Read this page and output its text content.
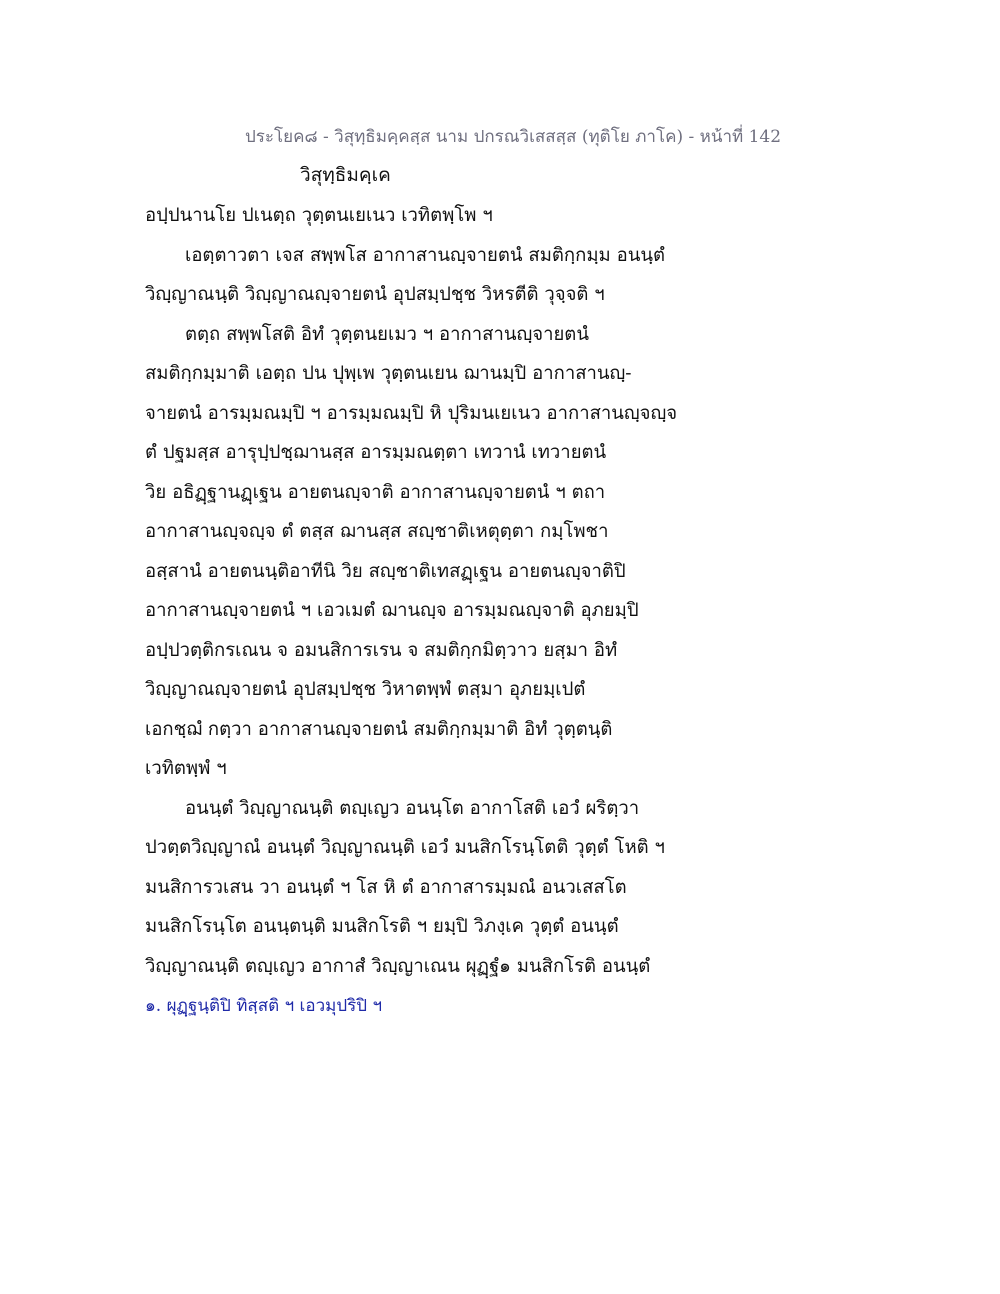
ประโยค๘ - วิสุทฺธิมคฺคสฺส นาม ปกรณวิเสสสฺส (ทุติโย ภาโค) - หน้าที่ 142
วิสุทฺธิมคฺเค
อปฺปนานโย ปเนตฺถ วุตฺตนเยเนว เวทิตพฺโพ ฯ
เอตฺตาวตา เจส สพฺพโส อากาสานญฺจายตนํ สมติกฺกมฺม อนนฺตํ
วิญฺญาณนฺติ วิญฺญาณญฺจายตนํ อุปสมฺปชฺช วิหรตีติ วุจฺจติ ฯ
ตตฺถ สพฺพโสติ อิทํ วุตฺตนยเมว ฯ อากาสานญฺจายตนํ
สมติกฺกมฺมาติ เอตฺถ ปน ปุพฺเพ วุตฺตนเยน ฌานมฺปิ อากาสานญฺ-
จายตนํ อารมฺมณมฺปิ ฯ อารมฺมณมฺปิ หิ ปุริมนเยเนว อากาสานญฺจญฺจ
ตํ ปฐมสฺส อารุปฺปชฺฌานสฺส อารมฺมณตฺตา เทวานํ เทวายตนํ
วิย อธิฏฺฐานฏฺเฐน อายตนญฺจาติ อากาสานญฺจายตนํ ฯ ตถา
อากาสานญฺจญฺจ ตํ ตสฺส ฌานสฺส สญฺชาติเหตุตฺตา กมฺโพชา
อสฺสานํ อายตนนฺติอาทีนิ วิย สญฺชาติเทสฏฺเฐน อายตนญฺจาติปิ
อากาสานญฺจายตนํ ฯ เอวเมตํ ฌานญฺจ อารมฺมณญฺจาติ อุภยมฺปิ
อปฺปวตฺติกรเณน จ อมนสิการเรน จ สมติกฺกมิตฺวาว ยสฺมา อิทํ
วิญฺญาณญฺจายตนํ อุปสมฺปชฺช วิหาตพฺพํ ตสฺมา อุภยมฺเปตํ
เอกชฺฌํ กตฺวา อากาสานญฺจายตนํ สมติกฺกมฺมาติ อิทํ วุตฺตนฺติ
เวทิตพฺพํ ฯ
อนนฺตํ วิญฺญาณนฺติ ตญฺเญว อนนฺโต อากาโสติ เอวํ ผริตฺวา
ปวตฺตวิญฺญาณํ อนนฺตํ วิญฺญาณนฺติ เอวํ มนสิกโรนฺโตติ วุตฺตํ โหติ ฯ
มนสิการวเสน วา อนนฺตํ ฯ โส หิ ตํ อากาสารมฺมณํ อนวเสสโต
มนสิกโรนฺโต อนนฺตนฺติ มนสิกโรติ ฯ ยมฺปิ วิภงฺเค วุตฺตํ อนนฺตํ
วิญฺญาณนฺติ ตญฺเญว อากาสํ วิญฺญาเณน ผุฏฺฐํ๑ มนสิกโรติ อนนฺตํ
๑. ผุฏฺฐนฺติปิ ทิสฺสติ ฯ เอวมุปริปิ ฯ
